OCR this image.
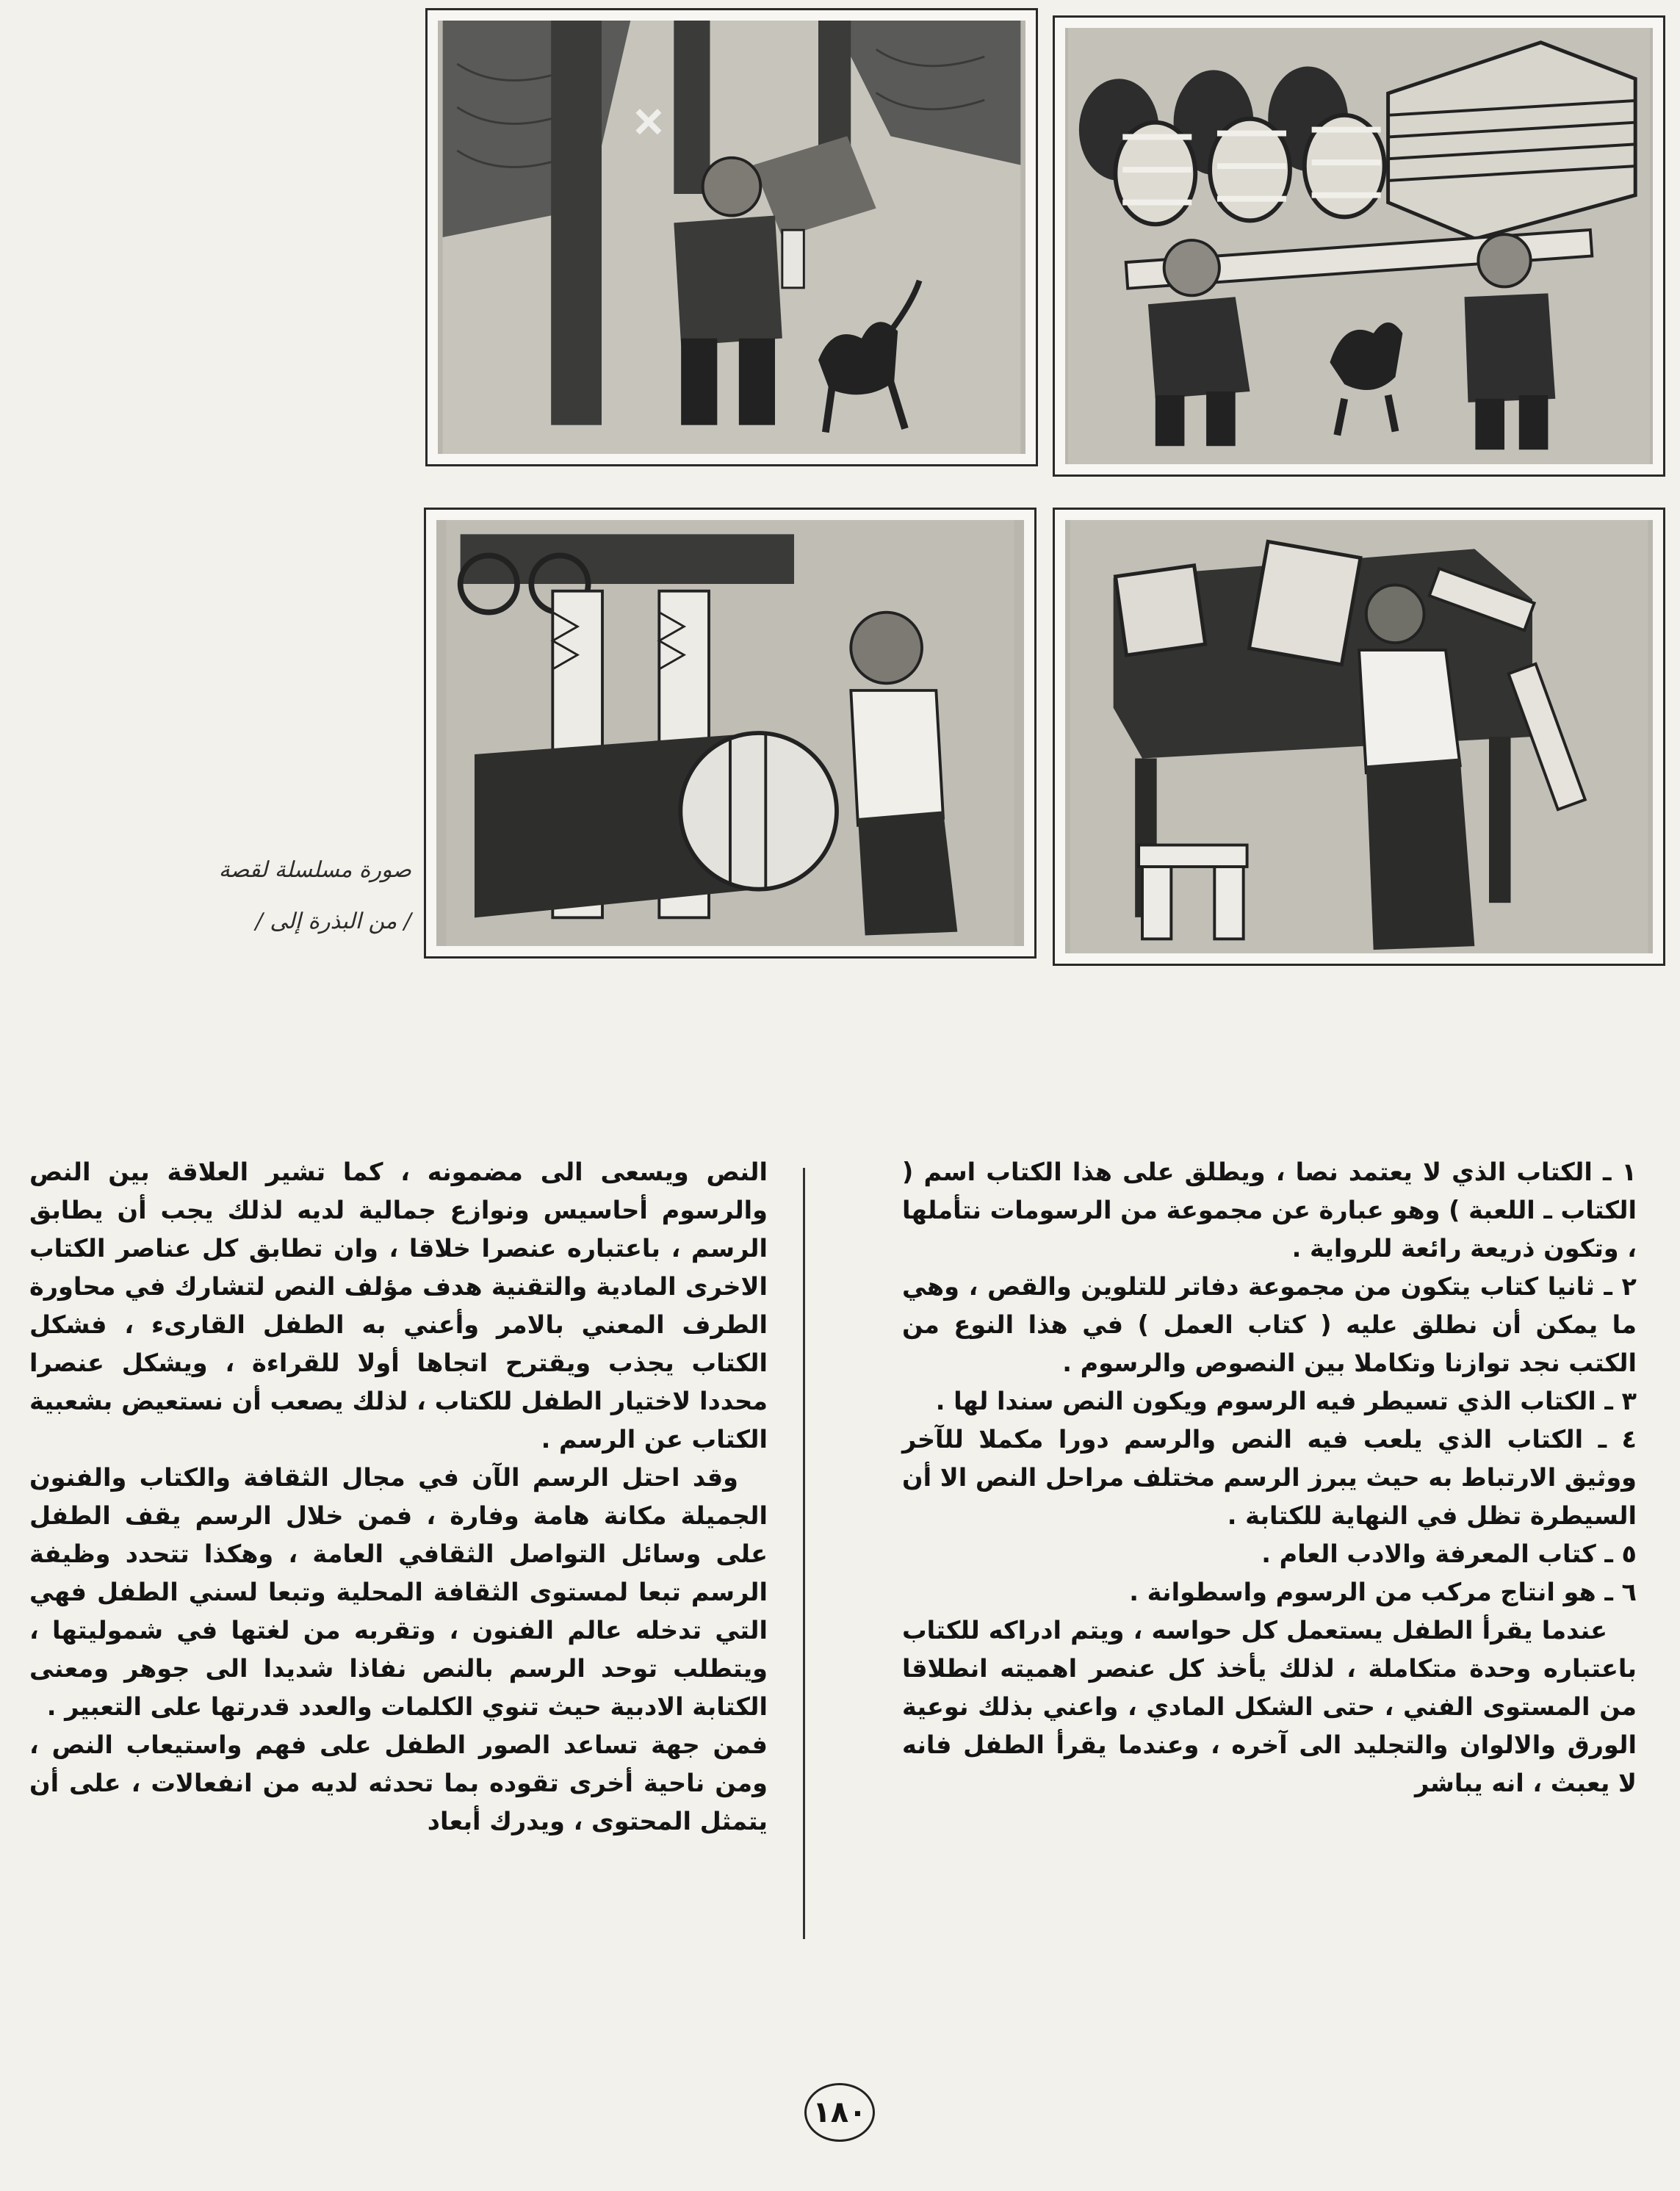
صورة مسلسلة لقصة
/ من البذرة إلى /

١ ـ الكتاب الذي لا يعتمد نصا ، ويطلق على هذا الكتاب اسم ( الكتاب ـ اللعبة ) وهو عبارة عن مجموعة من الرسومات نتأملها ، وتكون ذريعة رائعة للرواية .

٢ ـ ثانيا كتاب يتكون من مجموعة دفاتر للتلوين والقص ، وهي ما يمكن أن نطلق عليه ( كتاب العمل ) في هذا النوع من الكتب نجد توازنا وتكاملا بين النصوص والرسوم .

٣ ـ الكتاب الذي تسيطر فيه الرسوم ويكون النص سندا لها .

٤ ـ الكتاب الذي يلعب فيه النص والرسم دورا مكملا للآخر ووثيق الارتباط به حيث يبرز الرسم مختلف مراحل النص الا أن السيطرة تظل في النهاية للكتابة .

٥ ـ كتاب المعرفة والادب العام .

٦ ـ هو انتاج مركب من الرسوم واسطوانة .

عندما يقرأ الطفل يستعمل كل حواسه ، ويتم ادراكه للكتاب باعتباره وحدة متكاملة ، لذلك يأخذ كل عنصر اهميته انطلاقا من المستوى الفني ، حتى الشكل المادي ، واعني بذلك نوعية الورق والالوان والتجليد الى آخره ، وعندما يقرأ الطفل فانه لا يعبث ، انه يباشر

النص ويسعى الى مضمونه ، كما تشير العلاقة بين النص والرسوم أحاسيس ونوازع جمالية لديه لذلك يجب أن يطابق الرسم ، باعتباره عنصرا خلاقا ، وان تطابق كل عناصر الكتاب الاخرى المادية والتقنية هدف مؤلف النص لتشارك في محاورة الطرف المعني بالامر وأعني به الطفل القارىء ، فشكل الكتاب يجذب ويقترح اتجاها أولا للقراءة ، ويشكل عنصرا محددا لاختيار الطفل للكتاب ، لذلك يصعب أن نستعيض بشعبية الكتاب عن الرسم .

وقد احتل الرسم الآن في مجال الثقافة والكتاب والفنون الجميلة مكانة هامة وفارة ، فمن خلال الرسم يقف الطفل على وسائل التواصل الثقافي العامة ، وهكذا تتحدد وظيفة الرسم تبعا لمستوى الثقافة المحلية وتبعا لسني الطفل فهي التي تدخله عالم الفنون ، وتقربه من لغتها في شموليتها ، ويتطلب توحد الرسم بالنص نفاذا شديدا الى جوهر ومعنى الكتابة الادبية حيث تنوي الكلمات والعدد قدرتها على التعبير .

فمن جهة تساعد الصور الطفل على فهم واستيعاب النص ، ومن ناحية أخرى تقوده بما تحدثه لديه من انفعالات ، على أن يتمثل المحتوى ، ويدرك أبعاد

١٨٠
